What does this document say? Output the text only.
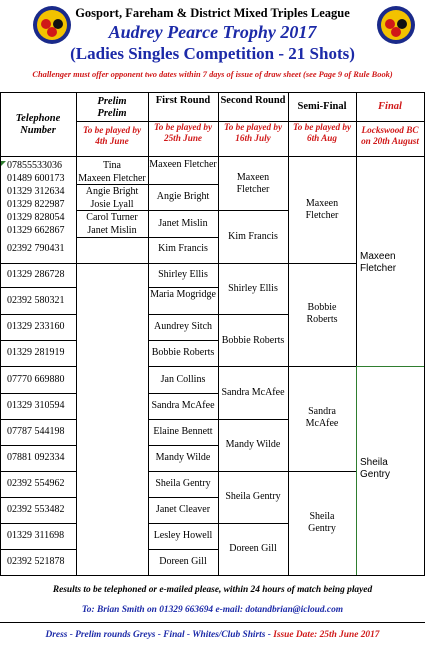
Gosport, Fareham & District Mixed Triples League
Audrey Pearce Trophy 2017
(Ladies Singles Competition - 21 Shots)
Challenger must offer opponent two dates within 7 days of issue of draw sheet (see Page 9 of Rule Book)
Telephone Number
Prelim
Prelim
First Round Second Round
Semi-Final	Final
To be played by 4th June
To be played by 25th June
To be played by 16th July
To be played by 6th Aug
Lockswood BC on 20th August
07855533036
01489 600173
01329 312634
01329 822987
01329 828054
01329 662867
02392 790431
01329 286728
02392 580321
01329 233160
01329 281919
07770 669880
01329 310594
07787 544198
07881 092334
02392 554962
02392 553482
01329 311698
02392 521878
Tina
Maxeen Fletcher
Angie Bright
Josie Lyall
Carol Turner
Janet Mislin
Maxeen Fletcher
Angie Bright
Janet Mislin
Kim Francis
Shirley Ellis
Maria Mogridge
Aundrey Sitch
Bobbie Roberts
Jan Collins
Sandra McAfee
Elaine Bennett
Mandy Wilde
Sheila Gentry
Janet Cleaver
Lesley Howell
Doreen Gill
Maxeen Fletcher
Kim Francis
Shirley Ellis
Bobbie Roberts
Sandra McAfee
Mandy Wilde
Sheila Gentry
Doreen Gill
Maxeen Fletcher
Bobbie Roberts
Sandra McAfee
Sheila Gentry
Maxeen Fletcher
Sheila Gentry
Results to be telephoned or e-mailed please, within 24 hours of match being played
To: Brian Smith on 01329 663694 e-mail: dotandbrian@icloud.com
Dress - Prelim rounds Greys - Final - Whites/Club Shirts - Issue Date: 25th June 2017
